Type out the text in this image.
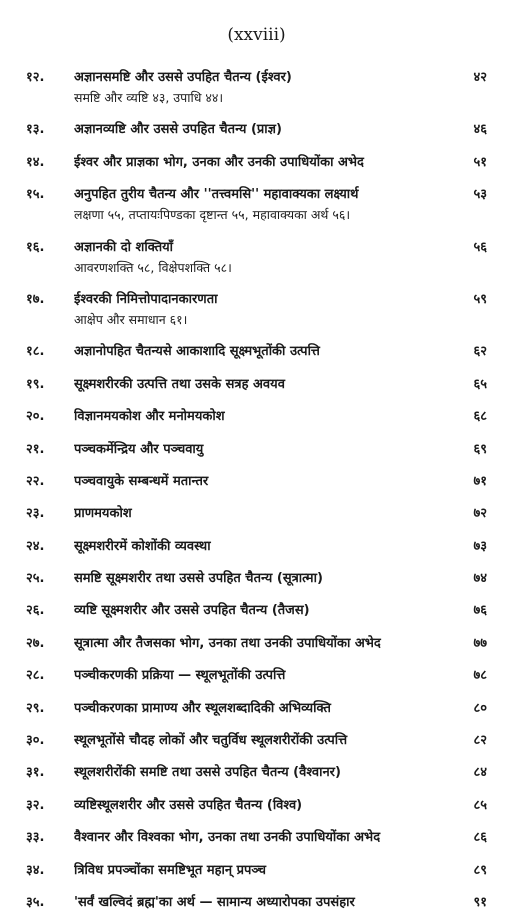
(xxviii)
१२.	अज्ञानसमष्टि और उससे उपहित चैतन्य (ईश्वर)	४२
समष्टि और व्यष्टि ४३, उपाधि ४४।
१३.	अज्ञानव्यष्टि और उससे उपहित चैतन्य (प्राज्ञ)	४६
१४.	ईश्वर और प्राज्ञका भोग, उनका और उनकी उपाधियोंका अभेद	५१
१५.	अनुपहित तुरीय चैतन्य और ''तत्त्वमसि'' महावाक्यका लक्ष्यार्थ	५३
लक्षणा ५५, तप्तायःपिण्डका दृष्टान्त ५५, महावाक्यका अर्थ ५६।
१६.	अज्ञानकी दो शक्तियाँ	५६
आवरणशक्ति ५८, विक्षेपशक्ति ५८।
१७.	ईश्वरकी निमित्तोपादानकारणता	५९
आक्षेप और समाधान ६१।
१८.	अज्ञानोपहित चैतन्यसे आकाशादि सूक्ष्मभूतोंकी उत्पत्ति	६२
१९.	सूक्ष्मशरीरकी उत्पत्ति तथा उसके सत्रह अवयव	६५
२०.	विज्ञानमयकोश और मनोमयकोश	६८
२१.	पञ्चकर्मेन्द्रिय और पञ्चवायु	६९
२२.	पञ्चवायुके सम्बन्धमें मतान्तर	७१
२३.	प्राणमयकोश	७२
२४.	सूक्ष्मशरीरमें कोशोंकी व्यवस्था	७३
२५.	समष्टि सूक्ष्मशरीर तथा उससे उपहित चैतन्य (सूत्रात्मा)	७४
२६.	व्यष्टि सूक्ष्मशरीर और उससे उपहित चैतन्य (तैजस)	७६
२७.	सूत्रात्मा और तैजसका भोग, उनका तथा उनकी उपाधियोंका अभेद	७७
२८.	पञ्चीकरणकी प्रक्रिया — स्थूलभूतोंकी उत्पत्ति	७८
२९.	पञ्चीकरणका प्रामाण्य और स्थूलशब्दादिकी अभिव्यक्ति	८०
३०.	स्थूलभूतोंसे चौदह लोकों और चतुर्विध स्थूलशरीरोंकी उत्पत्ति	८२
३१.	स्थूलशरीरोंकी समष्टि तथा उससे उपहित चैतन्य (वैश्वानर)	८४
३२.	व्यष्टिस्थूलशरीर और उससे उपहित चैतन्य (विश्व)	८५
३३.	वैश्वानर और विश्वका भोग, उनका तथा उनकी उपाधियोंका अभेद	८६
३४.	त्रिविध प्रपञ्चोंका समष्टिभूत महान् प्रपञ्च	८९
३५.	'सर्वं खल्विदं ब्रह्म'का अर्थ — सामान्य अध्यारोपका उपसंहार	९१
